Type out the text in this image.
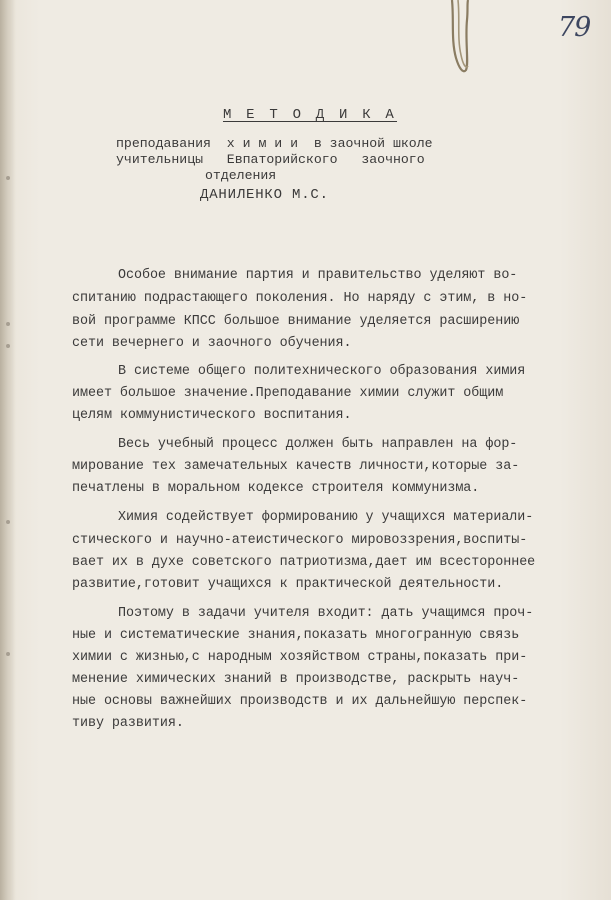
79
М Е Т О Д И К А
преподавания  х и м и и  в заочной школе
учительницы   Евпаторийского   заочного
отделения
ДАНИЛЕНКО М.С.
Особое внимание партия и правительство уделяют во-
спитанию подрастающего поколения. Но наряду с этим, в но-
вой программе КПСС большое внимание уделяется расширению
сети вечернего и заочного обучения.
В системе общего политехнического образования химия
имеет большое значение.Преподавание химии служит общим
целям коммунистического воспитания.
Весь учебный процесс должен быть направлен на фор-
мирование тех замечательных качеств личности,которые за-
печатлены в моральном кодексе строителя коммунизма.
Химия содействует формированию у учащихся материали-
стического и научно-атеистического мировоззрения,воспиты-
вает их в духе советского патриотизма,дает им всестороннее
развитие,готовит учащихся к практической деятельности.
Поэтому в задачи учителя входит: дать учащимся проч-
ные и систематические знания,показать многогранную связь
химии с жизнью,с народным хозяйством страны,показать при-
менение химических знаний в производстве, раскрыть науч-
ные основы важнейших производств и их дальнейшую перспек-
тиву развития.
